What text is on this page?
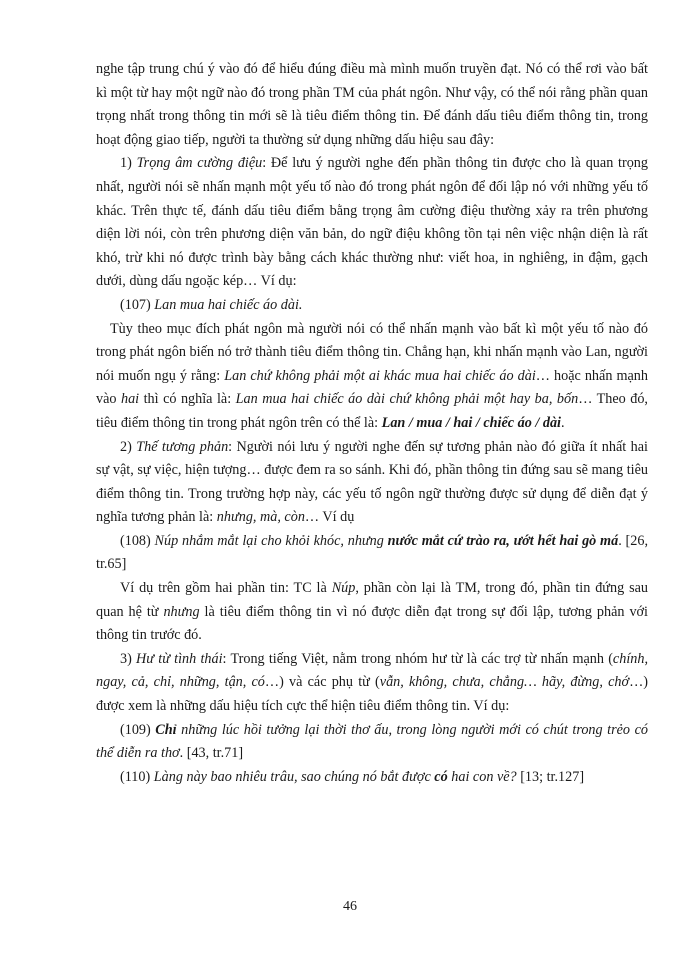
nghe tập trung chú ý vào đó để hiểu đúng điều mà mình muốn truyền đạt. Nó có thể rơi vào bất kì một từ hay một ngữ nào đó trong phần TM của phát ngôn. Như vậy, có thể nói rằng phần quan trọng nhất trong thông tin mới sẽ là tiêu điểm thông tin. Để đánh dấu tiêu điểm thông tin, trong hoạt động giao tiếp, người ta thường sử dụng những dấu hiệu sau đây:

1) Trọng âm cường điệu: Để lưu ý người nghe đến phần thông tin được cho là quan trọng nhất, người nói sẽ nhấn mạnh một yếu tố nào đó trong phát ngôn để đối lập nó với những yếu tố khác. Trên thực tế, đánh dấu tiêu điểm bằng trọng âm cường điệu thường xảy ra trên phương diện lời nói, còn trên phương diện văn bản, do ngữ điệu không tồn tại nên việc nhận diện là rất khó, trừ khi nó được trình bày bằng cách khác thường như: viết hoa, in nghiêng, in đậm, gạch dưới, dùng dấu ngoặc kép… Ví dụ:

(107) Lan mua hai chiếc áo dài.

Tùy theo mục đích phát ngôn mà người nói có thể nhấn mạnh vào bất kì một yếu tố nào đó trong phát ngôn biến nó trở thành tiêu điểm thông tin. Chẳng hạn, khi nhấn mạnh vào Lan, người nói muốn ngụ ý rằng: Lan chứ không phải một ai khác mua hai chiếc áo dài… hoặc nhấn mạnh vào hai thì có nghĩa là: Lan mua hai chiếc áo dài chứ không phải một hay ba, bốn… Theo đó, tiêu điểm thông tin trong phát ngôn trên có thể là: Lan / mua / hai / chiếc áo / dài.

2) Thế tương phản: Người nói lưu ý người nghe đến sự tương phản nào đó giữa ít nhất hai sự vật, sự việc, hiện tượng… được đem ra so sánh. Khi đó, phần thông tin đứng sau sẽ mang tiêu điểm thông tin. Trong trường hợp này, các yếu tố ngôn ngữ thường được sử dụng để diễn đạt ý nghĩa tương phản là: nhưng, mà, còn… Ví dụ

(108) Núp nhắm mắt lại cho khỏi khóc, nhưng nước mắt cứ trào ra, ướt hết hai gò má. [26, tr.65]

Ví dụ trên gồm hai phần tin: TC là Núp, phần còn lại là TM, trong đó, phần tin đứng sau quan hệ từ nhưng là tiêu điểm thông tin vì nó được diễn đạt trong sự đối lập, tương phản với thông tin trước đó.

3) Hư từ tình thái: Trong tiếng Việt, nằm trong nhóm hư từ là các trợ từ nhấn mạnh (chính, ngay, cả, chỉ, những, tận, có…) và các phụ từ (vẫn, không, chưa, chẳng… hãy, đừng, chớ…) được xem là những dấu hiệu tích cực thể hiện tiêu điểm thông tin. Ví dụ:

(109) Chỉ những lúc hồi tưởng lại thời thơ ấu, trong lòng người mới có chút trong trẻo có thể diễn ra thơ. [43, tr.71]

(110) Làng này bao nhiêu trâu, sao chúng nó bắt được có hai con về? [13; tr.127]

46
